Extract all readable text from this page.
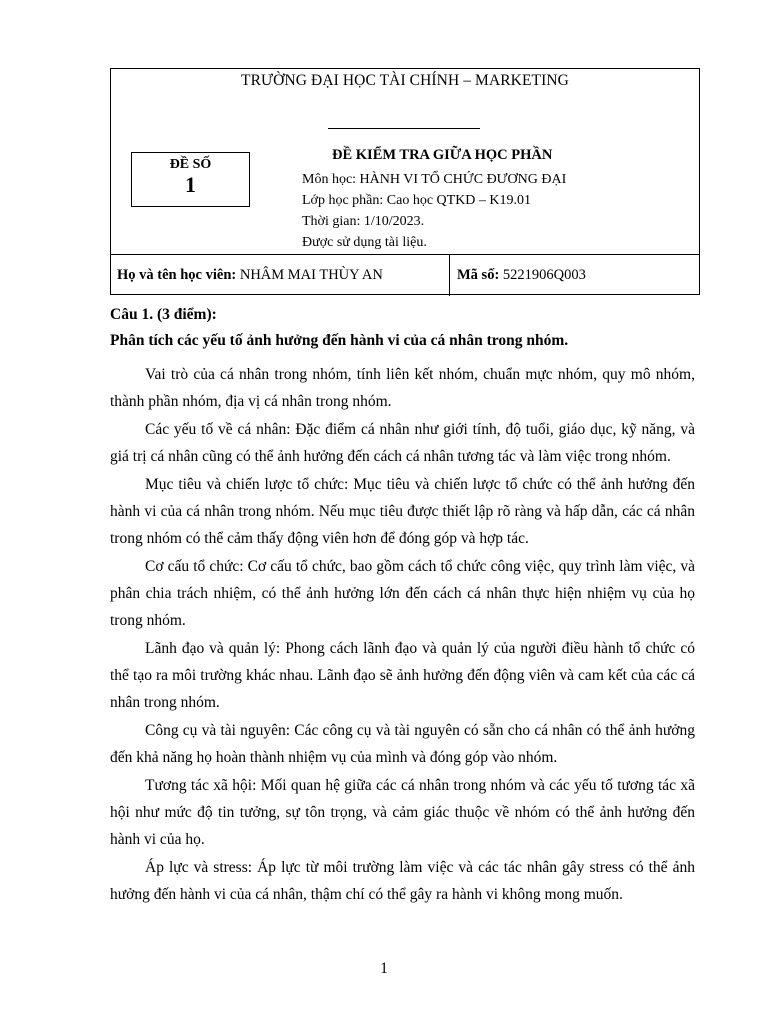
TRƯỜNG ĐẠI HỌC TÀI CHÍNH – MARKETING
ĐỀ SỐ
1
ĐỀ KIỂM TRA GIỮA HỌC PHẦN
Môn học: HÀNH VI TỔ CHỨC ĐƯƠNG ĐẠI
Lớp học phần: Cao học QTKD – K19.01
Thời gian: 1/10/2023.
Được sử dụng tài liệu.
Họ và tên học viên: NHÂM MAI THÙY AN	Mã số: 5221906Q003

Câu 1. (3 điểm):

Phân tích các yếu tố ảnh hưởng đến hành vi của cá nhân trong nhóm.

Vai trò của cá nhân trong nhóm, tính liên kết nhóm, chuẩn mực nhóm, quy mô nhóm, thành phần nhóm, địa vị cá nhân trong nhóm.

Các yếu tố về cá nhân: Đặc điểm cá nhân như giới tính, độ tuổi, giáo dục, kỹ năng, và giá trị cá nhân cũng có thể ảnh hưởng đến cách cá nhân tương tác và làm việc trong nhóm.

Mục tiêu và chiến lược tổ chức: Mục tiêu và chiến lược tổ chức có thể ảnh hưởng đến hành vi của cá nhân trong nhóm. Nếu mục tiêu được thiết lập rõ ràng và hấp dẫn, các cá nhân trong nhóm có thể cảm thấy động viên hơn để đóng góp và hợp tác.

Cơ cấu tổ chức: Cơ cấu tổ chức, bao gồm cách tổ chức công việc, quy trình làm việc, và phân chia trách nhiệm, có thể ảnh hưởng lớn đến cách cá nhân thực hiện nhiệm vụ của họ trong nhóm.

Lãnh đạo và quản lý: Phong cách lãnh đạo và quản lý của người điều hành tổ chức có thể tạo ra môi trường khác nhau. Lãnh đạo sẽ ảnh hưởng đến động viên và cam kết của các cá nhân trong nhóm.

Công cụ và tài nguyên: Các công cụ và tài nguyên có sẵn cho cá nhân có thể ảnh hưởng đến khả năng họ hoàn thành nhiệm vụ của mình và đóng góp vào nhóm.

Tương tác xã hội: Mối quan hệ giữa các cá nhân trong nhóm và các yếu tố tương tác xã hội như mức độ tin tưởng, sự tôn trọng, và cảm giác thuộc về nhóm có thể ảnh hưởng đến hành vi của họ.

Áp lực và stress: Áp lực từ môi trường làm việc và các tác nhân gây stress có thể ảnh hưởng đến hành vi của cá nhân, thậm chí có thể gây ra hành vi không mong muốn.

1
